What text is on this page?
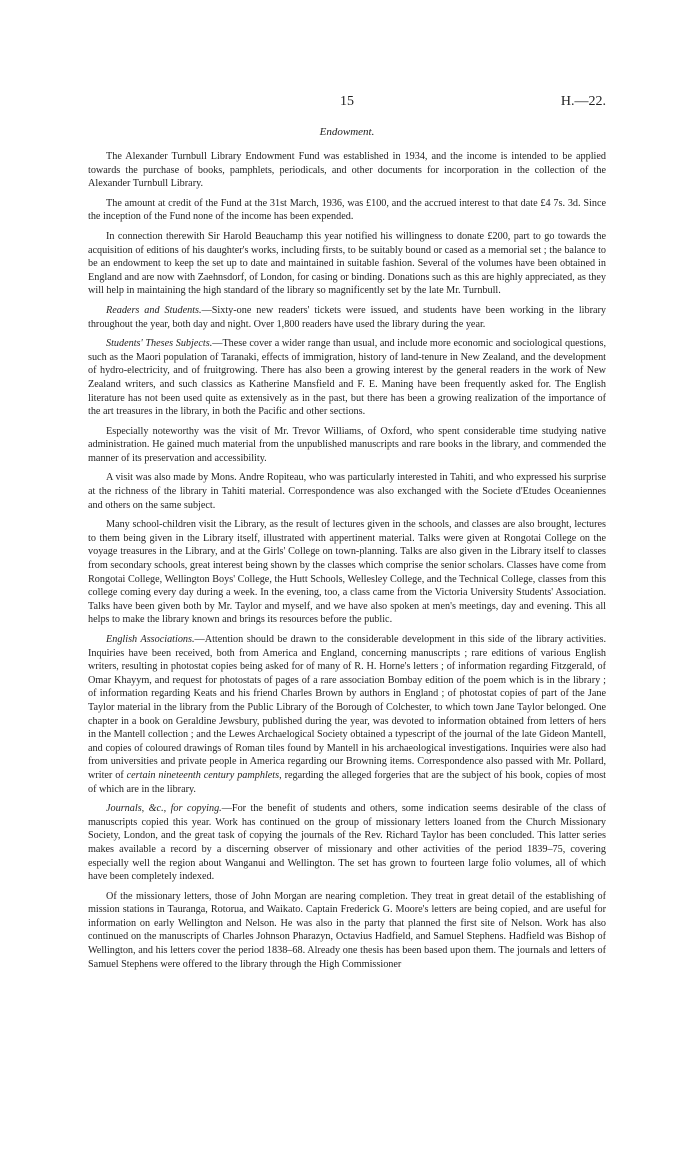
15	H.—22.
Endowment.

The Alexander Turnbull Library Endowment Fund was established in 1934, and the income is intended to be applied towards the purchase of books, pamphlets, periodicals, and other documents for incorporation in the collection of the Alexander Turnbull Library.

The amount at credit of the Fund at the 31st March, 1936, was £100, and the accrued interest to that date £4 7s. 3d. Since the inception of the Fund none of the income has been expended.

In connection therewith Sir Harold Beauchamp this year notified his willingness to donate £200, part to go towards the acquisition of editions of his daughter's works, including firsts, to be suitably bound or cased as a memorial set ; the balance to be an endowment to keep the set up to date and maintained in suitable fashion. Several of the volumes have been obtained in England and are now with Zaehnsdorf, of London, for casing or binding. Donations such as this are highly appreciated, as they will help in maintaining the high standard of the library so magnificently set by the late Mr. Turnbull.

Readers and Students.—Sixty-one new readers' tickets were issued, and students have been working in the library throughout the year, both day and night. Over 1,800 readers have used the library during the year.

Students' Theses Subjects.—These cover a wider range than usual, and include more economic and sociological questions, such as the Maori population of Taranaki, effects of immigration, history of land-tenure in New Zealand, and the development of hydro-electricity, and of fruitgrowing. There has also been a growing interest by the general readers in the work of New Zealand writers, and such classics as Katherine Mansfield and F. E. Maning have been frequently asked for. The English literature has not been used quite as extensively as in the past, but there has been a growing realization of the importance of the art treasures in the library, in both the Pacific and other sections.

Especially noteworthy was the visit of Mr. Trevor Williams, of Oxford, who spent considerable time studying native administration. He gained much material from the unpublished manuscripts and rare books in the library, and commended the manner of its preservation and accessibility.

A visit was also made by Mons. Andre Ropiteau, who was particularly interested in Tahiti, and who expressed his surprise at the richness of the library in Tahiti material. Correspondence was also exchanged with the Societe d'Etudes Oceaniennes and others on the same subject.

Many school-children visit the Library, as the result of lectures given in the schools, and classes are also brought, lectures to them being given in the Library itself, illustrated with appertinent material. Talks were given at Rongotai College on the voyage treasures in the Library, and at the Girls' College on town-planning. Talks are also given in the Library itself to classes from secondary schools, great interest being shown by the classes which comprise the senior scholars. Classes have come from Rongotai College, Wellington Boys' College, the Hutt Schools, Wellesley College, and the Technical College, classes from this college coming every day during a week. In the evening, too, a class came from the Victoria University Students' Association. Talks have been given both by Mr. Taylor and myself, and we have also spoken at men's meetings, day and evening. This all helps to make the library known and brings its resources before the public.

English Associations.—Attention should be drawn to the considerable development in this side of the library activities. Inquiries have been received, both from America and England, concerning manuscripts ; rare editions of various English writers, resulting in photostat copies being asked for of many of R. H. Horne's letters ; of information regarding Fitzgerald, of Omar Khayym, and request for photostats of pages of a rare association Bombay edition of the poem which is in the library ; of information regarding Keats and his friend Charles Brown by authors in England ; of photostat copies of part of the Jane Taylor material in the library from the Public Library of the Borough of Colchester, to which town Jane Taylor belonged. One chapter in a book on Geraldine Jewsbury, published during the year, was devoted to information obtained from letters of hers in the Mantell collection ; and the Lewes Archaelogical Society obtained a typescript of the journal of the late Gideon Mantell, and copies of coloured drawings of Roman tiles found by Mantell in his archaeological investigations. Inquiries were also had from universities and private people in America regarding our Browning items. Correspondence also passed with Mr. Pollard, writer of certain nineteenth century pamphlets, regarding the alleged forgeries that are the subject of his book, copies of most of which are in the library.

Journals, &c., for copying.—For the benefit of students and others, some indication seems desirable of the class of manuscripts copied this year. Work has continued on the group of missionary letters loaned from the Church Missionary Society, London, and the great task of copying the journals of the Rev. Richard Taylor has been concluded. This latter series makes available a record by a discerning observer of missionary and other activities of the period 1839–75, covering especially well the region about Wanganui and Wellington. The set has grown to fourteen large folio volumes, all of which have been completely indexed.

Of the missionary letters, those of John Morgan are nearing completion. They treat in great detail of the establishing of mission stations in Tauranga, Rotorua, and Waikato. Captain Frederick G. Moore's letters are being copied, and are useful for information on early Wellington and Nelson. He was also in the party that planned the first site of Nelson. Work has also continued on the manuscripts of Charles Johnson Pharazyn, Octavius Hadfield, and Samuel Stephens. Hadfield was Bishop of Wellington, and his letters cover the period 1838–68. Already one thesis has been based upon them. The journals and letters of Samuel Stephens were offered to the library through the High Commissioner
